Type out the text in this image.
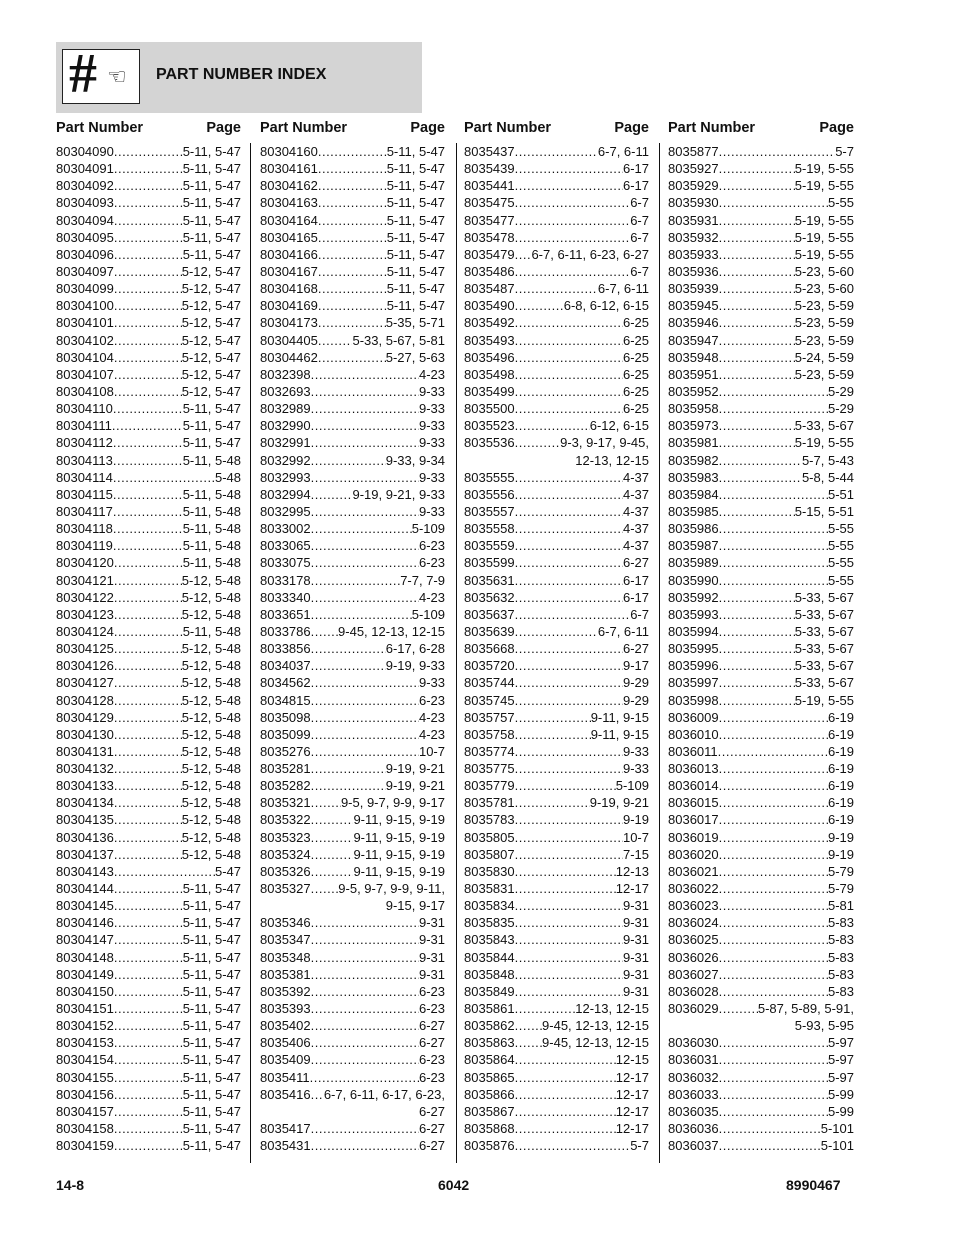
# ☜ PART NUMBER INDEX
Part Number	Page
80304090 .....	5-11, 5-47
80304091 .....	5-11, 5-47
80304092 .....	5-11, 5-47
80304093 .....	5-11, 5-47
80304094 .....	5-11, 5-47
80304095 .....	5-11, 5-47
80304096 .....	5-11, 5-47
80304097 .....	5-12, 5-47
80304099 .....	5-12, 5-47
80304100 .....	5-12, 5-47
80304101 .....	5-12, 5-47
80304102 .....	5-12, 5-47
80304104 .....	5-12, 5-47
80304107 .....	5-12, 5-47
80304108 .....	5-12, 5-47
80304110 .....	5-11, 5-47
80304111 .....	5-11, 5-47
80304112 .....	5-11, 5-47
80304113 .....	5-11, 5-48
80304114 .....	5-48
80304115 .....	5-11, 5-48
80304117 .....	5-11, 5-48
80304118 .....	5-11, 5-48
80304119 .....	5-11, 5-48
80304120 .....	5-11, 5-48
80304121 .....	5-12, 5-48
80304122 .....	5-12, 5-48
80304123 .....	5-12, 5-48
80304124 .....	5-11, 5-48
80304125 .....	5-12, 5-48
80304126 .....	5-12, 5-48
80304127 .....	5-12, 5-48
80304128 .....	5-12, 5-48
80304129 .....	5-12, 5-48
80304130 .....	5-12, 5-48
80304131 .....	5-12, 5-48
80304132 .....	5-12, 5-48
80304133 .....	5-12, 5-48
80304134 .....	5-12, 5-48
80304135 .....	5-12, 5-48
80304136 .....	5-12, 5-48
80304137 .....	5-12, 5-48
80304143 .....	5-47
80304144 .....	5-11, 5-47
80304145 .....	5-11, 5-47
80304146 .....	5-11, 5-47
80304147 .....	5-11, 5-47
80304148 .....	5-11, 5-47
80304149 .....	5-11, 5-47
80304150 .....	5-11, 5-47
80304151 .....	5-11, 5-47
80304152 .....	5-11, 5-47
80304153 .....	5-11, 5-47
80304154 .....	5-11, 5-47
80304155 .....	5-11, 5-47
80304156 .....	5-11, 5-47
80304157 .....	5-11, 5-47
80304158 .....	5-11, 5-47
80304159 .....	5-11, 5-47
Part Number	Page
80304160 .....	5-11, 5-47
80304161 .....	5-11, 5-47
80304162 .....	5-11, 5-47
80304163 .....	5-11, 5-47
80304164 .....	5-11, 5-47
80304165 .....	5-11, 5-47
80304166 .....	5-11, 5-47
80304167 .....	5-11, 5-47
80304168 .....	5-11, 5-47
80304169 .....	5-11, 5-47
80304173 .....	5-35, 5-71
80304405 .....	5-33, 5-67, 5-81
80304462 .....	5-27, 5-63
8032398 .....	4-23
8032693 .....	9-33
8032989 .....	9-33
8032990 .....	9-33
8032991 .....	9-33
8032992 .....	9-33, 9-34
8032993 .....	9-33
8032994 .....	9-19, 9-21, 9-33
8032995 .....	9-33
8033002 .....	5-109
8033065 .....	6-23
8033075 .....	6-23
8033178 .....	7-7, 7-9
8033340 .....	4-23
8033651 .....	5-109
8033786 ..... 9-45, 12-13, 12-15
8033856 .....	6-17, 6-28
8034037 .....	9-19, 9-33
8034562 .....	9-33
8034815 .....	6-23
8035098 .....	4-23
8035099 .....	4-23
8035276 .....	10-7
8035281 .....	9-19, 9-21
8035282 .....	9-19, 9-21
8035321 ..... 9-5, 9-7, 9-9, 9-17
8035322 .....	9-11, 9-15, 9-19
8035323 .....	9-11, 9-15, 9-19
8035324 .....	9-11, 9-15, 9-19
8035326 .....	9-11, 9-15, 9-19
8035327 ..... 9-5, 9-7, 9-9, 9-11,
9-15, 9-17
8035346 .....	9-31
8035347 .....	9-31
8035348 .....	9-31
8035381 .....	9-31
8035392 .....	6-23
8035393 .....	6-23
8035402 .....	6-27
8035406 .....	6-27
8035409 .....	6-23
8035411 .....	6-23
8035416 ..... 6-7, 6-11, 6-17, 6-23,
6-27
8035417 .....	6-27
8035431 .....	6-27
Part Number	Page
8035437 .....	6-7, 6-11
8035439 .....	6-17
8035441 .....	6-17
8035475 .....	6-7
8035477 .....	6-7
8035478 .....	6-7
8035479 ..... 6-7, 6-11, 6-23, 6-27
8035486 .....	6-7
8035487 .....	6-7, 6-11
8035490 .....	6-8, 6-12, 6-15
8035492 .....	6-25
8035493 .....	6-25
8035496 .....	6-25
8035498 .....	6-25
8035499 .....	6-25
8035500 .....	6-25
8035523 .....	6-12, 6-15
8035536 .....	9-3, 9-17, 9-45,
12-13, 12-15
8035555 .....	4-37
8035556 .....	4-37
8035557 .....	4-37
8035558 .....	4-37
8035559 .....	4-37
8035599 .....	6-27
8035631 .....	6-17
8035632 .....	6-17
8035637 .....	6-7
8035639 .....	6-7, 6-11
8035668 .....	6-27
8035720 .....	9-17
8035744 .....	9-29
8035745 .....	9-29
8035757 .....	9-11, 9-15
8035758 .....	9-11, 9-15
8035774 .....	9-33
8035775 .....	9-33
8035779 .....	5-109
8035781 .....	9-19, 9-21
8035783 .....	9-19
8035805 .....	10-7
8035807 .....	7-15
8035830 .....	12-13
8035831 .....	12-17
8035834 .....	9-31
8035835 .....	9-31
8035843 .....	9-31
8035844 .....	9-31
8035848 .....	9-31
8035849 .....	9-31
8035861 .....	12-13, 12-15
8035862 ..... 9-45, 12-13, 12-15
8035863 ..... 9-45, 12-13, 12-15
8035864 .....	12-15
8035865 .....	12-17
8035866 .....	12-17
8035867 .....	12-17
8035868 .....	12-17
8035876 .....	5-7
Part Number	Page
8035877 .....	5-7
8035927 .....	5-19, 5-55
8035929 .....	5-19, 5-55
8035930 .....	5-55
8035931 .....	5-19, 5-55
8035932 .....	5-19, 5-55
8035933 .....	5-19, 5-55
8035936 .....	5-23, 5-60
8035939 .....	5-23, 5-60
8035945 .....	5-23, 5-59
8035946 .....	5-23, 5-59
8035947 .....	5-23, 5-59
8035948 .....	5-24, 5-59
8035951 .....	5-23, 5-59
8035952 .....	5-29
8035958 .....	5-29
8035973 .....	5-33, 5-67
8035981 .....	5-19, 5-55
8035982 .....	5-7, 5-43
8035983 .....	5-8, 5-44
8035984 .....	5-51
8035985 .....	5-15, 5-51
8035986 .....	5-55
8035987 .....	5-55
8035989 .....	5-55
8035990 .....	5-55
8035992 .....	5-33, 5-67
8035993 .....	5-33, 5-67
8035994 .....	5-33, 5-67
8035995 .....	5-33, 5-67
8035996 .....	5-33, 5-67
8035997 .....	5-33, 5-67
8035998 .....	5-19, 5-55
8036009 .....	6-19
8036010 .....	6-19
8036011 .....	6-19
8036013 .....	6-19
8036014 .....	6-19
8036015 .....	6-19
8036017 .....	6-19
8036019 .....	9-19
8036020 .....	9-19
8036021 .....	5-79
8036022 .....	5-79
8036023 .....	5-81
8036024 .....	5-83
8036025 .....	5-83
8036026 .....	5-83
8036027 .....	5-83
8036028 .....	5-83
8036029 .....	5-87, 5-89, 5-91,
5-93, 5-95
8036030 .....	5-97
8036031 .....	5-97
8036032 .....	5-97
8036033 .....	5-99
8036035 .....	5-99
8036036 .....	5-101
8036037 .....	5-101
14-8	6042	8990467
